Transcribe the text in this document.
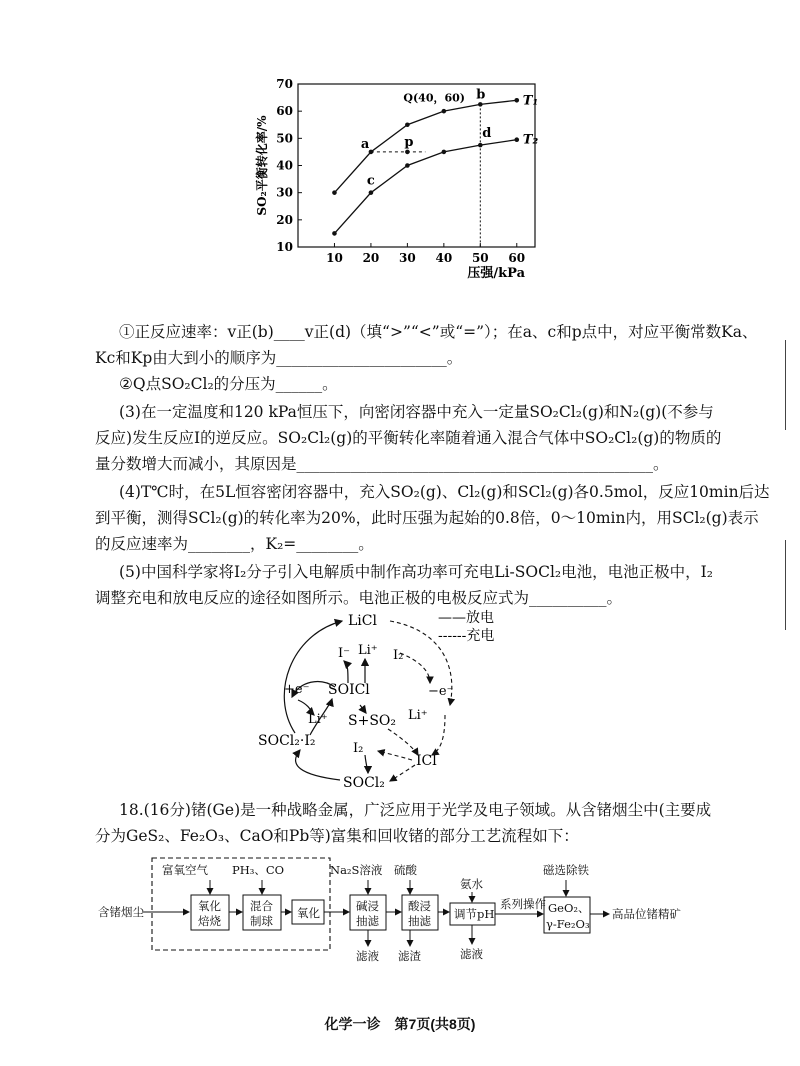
10
20
30
40
50
60
70
10 20 30 40 50 60
压强/kPa
SO₂平衡转化率/%
T₁
T₂
a	p
b
c
d
Q(40，60)
①正反应速率：v正(b)____v正(d)（填“>”“<”或“=”）；在a、c和p点中，对应平衡常数Ka、
Kc和Kp由大到小的顺序为______________________。
②Q点SO₂Cl₂的分压为______。
(3)在一定温度和120 kPa恒压下，向密闭容器中充入一定量SO₂Cl₂(g)和N₂(g)(不参与
反应)发生反应Ⅰ的逆反应。SO₂Cl₂(g)的平衡转化率随着通入混合气体中SO₂Cl₂(g)的物质的
量分数增大而减小，其原因是______________________________________________。
(4)T℃时，在5L恒容密闭容器中，充入SO₂(g)、Cl₂(g)和SCl₂(g)各0.5mol，反应10min后达
到平衡，测得SCl₂(g)的转化率为20%，此时压强为起始的0.8倍，0～10min内，用SCl₂(g)表示
的反应速率为________，K₂=________。
(5)中国科学家将I₂分子引入电解质中制作高功率可充电Li-SOCl₂电池，电池正极中，I₂
调整充电和放电反应的途径如图所示。电池正极的电极反应式为__________。
——放电
------充电
LiCl
I⁻ Li⁺ I₂
+e⁻ SOICl	−e⁻
Li⁺ S+SO₂ Li⁺
SOCl₂·I₂	I₂
ICl
SOCl₂
18.(16分)锗(Ge)是一种战略金属，广泛应用于光学及电子领域。从含锗烟尘中(主要成
分为GeS₂、Fe₂O₃、CaO和Pb等)富集和回收锗的部分工艺流程如下：
含锗烟尘
富氧空气
氧化
焙烧
PH₃、CO
混合
制球
氧化
Na₂S溶液
碱浸
抽滤
滤液
硫酸
酸浸
抽滤
滤渣
氨水
调节pH
滤液
系列操作
磁选除铁
GeO₂、
γ-Fe₂O₃
高品位锗精矿
化学一诊　第7页(共8页)
